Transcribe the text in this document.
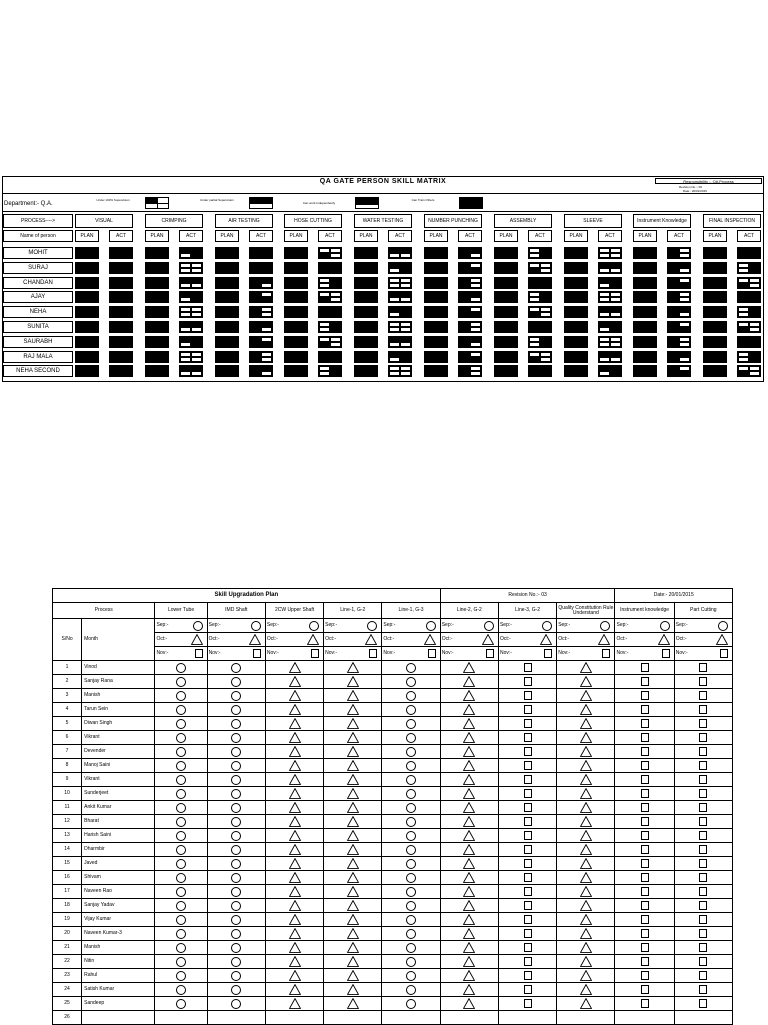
QA GATE PERSON SKILL MATRIX	Responsibility :- QA Process
Revision No.:- 00
Date : 20/01/2015
Department:- Q.A.
Under 100% Supervision	Under partial Supervision
Can work Independently
Can Train Others
PROCESS---->
Name of person
VISUAL
PLAN	ACT
CRIMPING
PLAN	ACT
AIR TESTING
PLAN	ACT
HOSE CUTTING
PLAN	ACT
WATER TESTING
PLAN	ACT
NUMBER PUNCHING
PLAN	ACT
ASSEMBLY
PLAN	ACT
SLEEVE
PLAN	ACT
Instrument Knowledge
PLAN	ACT
FINAL INSPECTION
PLAN	ACT
MOHIT
SURAJ
CHANDAN
AJAY
NEHA
SUNITA
SAURABH
RAJ MALA
NEHA SECOND
Skill Upgradation Plan							Revision No.:- 03			Date:- 20/01/2015	
Process		Lower Tube	IMD Shaft	2CW Upper Shaft	Line-1, G-2	Line-1, G-3	Line-2, G-2	Line-3, G-2	Quality Constitution Rule Understand	Instrument knowledge	Part Cutting
S/No	Month	Sep:-	Sep:-	Sep:-	Sep:-	Sep:-	Sep:-	Sep:-	Sep:-	Sep:-	Sep:-

		Oct:-	Oct:-	Oct:-	Oct:-	Oct:-	Oct:-	Oct:-	Oct:-	Oct:-	Oct:-

		Nov:-	Nov:-	Nov:-	Nov:-	Nov:-	Nov:-	Nov:-	Nov:-	Nov:-	Nov:-

1	Vinod										
2	Sanjay Rana										
3	Manish										
4	Tarun Sein										
5	Diwan Singh										
6	Vikrant										
7	Devender										
8	Manoj Saini										
9	Vikrant										
10	Sunderjeet										
11	Ankit Kumar										
12	Bharat										
13	Harish Saini										
14	Dharmbir										
15	Javed										
16	Shivam										
17	Naveen Rao										
18	Sanjay Yadav										
19	Vijay Kumar										
20	Naveen Kumar-3										
21	Manish										
22	Nitin										
23	Rahul										
24	Satish Kumar										
25	Sandeep										
26											
